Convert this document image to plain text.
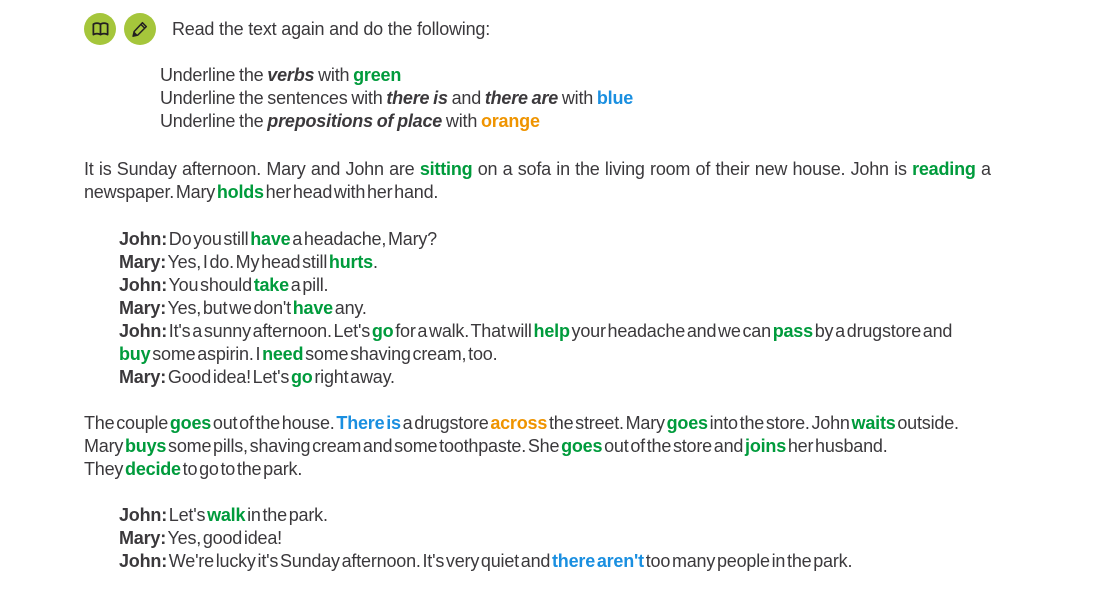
Read the text again and do the following:
Underline the verbs with green
Underline the sentences with there is and there are with blue
Underline the prepositions of place with orange
It is Sunday afternoon. Mary and John are sitting on a sofa in the living room of their new house. John is reading a
newspaper. Mary holds her head with her hand.
John: Do you still have a headache, Mary?
Mary: Yes, I do. My head still hurts.
John: You should take a pill.
Mary: Yes, but we don't have any.
John: It's a sunny afternoon. Let's go for a walk. That will help your headache and we can pass by a drugstore and
buy some aspirin. I need some shaving cream, too.
Mary: Good idea! Let's go right away.
The couple goes out of the house. There is a drugstore across the street. Mary goes into the store. John waits outside.
Mary buys some pills, shaving cream and some toothpaste. She goes out of the store and joins her husband.
They decide to go to the park.
John: Let's walk in the park.
Mary: Yes, good idea!
John: We're lucky it's Sunday afternoon. It's very quiet and there aren't too many people in the park.
